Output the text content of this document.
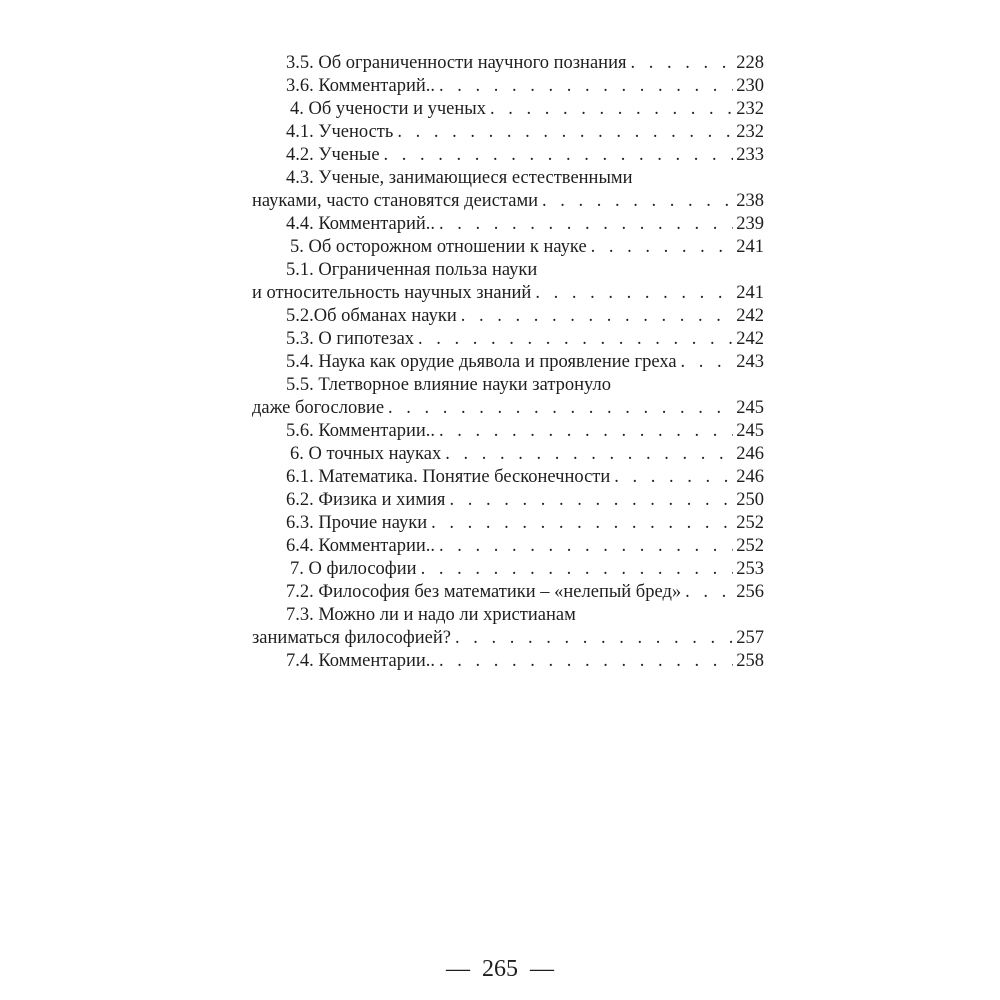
3.5. Об ограниченности научного познания . . .	228
3.6. Комментарий.. . . .	230
4. Об учености и ученых . . .	232
4.1. Ученость . . .	232
4.2. Ученые . . .	233
4.3. Ученые, занимающиеся естественными
науками, часто становятся деистами . . .	238
4.4. Комментарий.. . . .	239
5. Об осторожном отношении к науке . . .	241
5.1. Ограниченная польза науки
и относительность научных знаний . . .	241
5.2.Об обманах науки . . .	242
5.3. О гипотезах . . .	242
5.4. Наука как орудие дьявола и проявление греха . . .	243
5.5. Тлетворное влияние науки затронуло
даже богословие . . .	245
5.6. Комментарии.. . . .	245
6. О точных науках . . .	246
6.1. Математика. Понятие бесконечности . . .	246
6.2. Физика и химия . . .	250
6.3. Прочие науки . . .	252
6.4. Комментарии.. . . .	252
7. О философии . . .	253
7.2. Философия без математики – «нелепый бред» . . .	256
7.3. Можно ли и надо ли христианам
заниматься философией? . . .	257
7.4. Комментарии.. . . .	258
— 265 —
